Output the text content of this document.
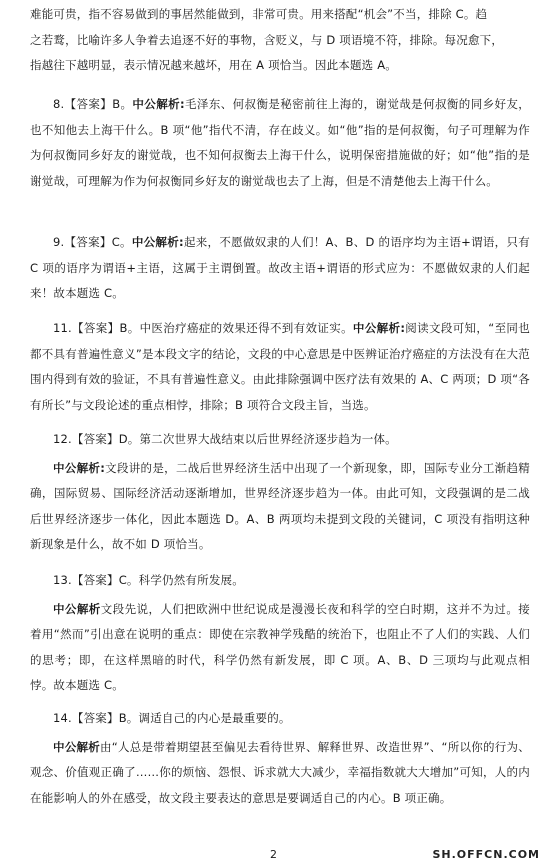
难能可贵，指不容易做到的事居然能做到，非常可贵。用来搭配“机会”不当，排除 C。趋

之若鹜，比喻许多人争着去追逐不好的事物，含贬义，与 D 项语境不符，排除。每况愈下，

指越往下越明显，表示情况越来越坏，用在 A 项恰当。因此本题选 A。

8.【答案】B。中公解析:毛泽东、何叔衡是秘密前往上海的，谢觉哉是何叔衡的同乡好友，也不知他去上海干什么。B 项“他”指代不清，存在歧义。如“他”指的是何叔衡，句子可理解为作为何叔衡同乡好友的谢觉哉，也不知何叔衡去上海干什么，说明保密措施做的好；如“他”指的是谢觉哉，可理解为作为何叔衡同乡好友的谢觉哉也去了上海，但是不清楚他去上海干什么。

9.【答案】C。中公解析:起来，不愿做奴隶的人们！A、B、D 的语序均为主语+谓语，只有 C 项的语序为谓语+主语，这属于主谓倒置。故改主语+谓语的形式应为：不愿做奴隶的人们起来！故本题选 C。

11.【答案】B。中医治疗癌症的效果还得不到有效证实。中公解析:阅读文段可知，“至同也都不具有普遍性意义”是本段文字的结论，文段的中心意思是中医辨证治疗癌症的方法没有在大范围内得到有效的验证，不具有普遍性意义。由此排除强调中医疗法有效果的 A、C 两项；D 项“各有所长”与文段论述的重点相悖，排除；B 项符合文段主旨，当选。

12.【答案】D。第二次世界大战结束以后世界经济逐步趋为一体。

中公解析:文段讲的是，二战后世界经济生活中出现了一个新现象，即，国际专业分工渐趋精确，国际贸易、国际经济活动逐渐增加，世界经济逐步趋为一体。由此可知，文段强调的是二战后世界经济逐步一体化，因此本题选 D。A、B 两项均未提到文段的关键词，C 项没有指明这种新现象是什么，故不如 D 项恰当。

13.【答案】C。科学仍然有所发展。

中公解析文段先说，人们把欧洲中世纪说成是漫漫长夜和科学的空白时期，这并不为过。接着用“然而”引出意在说明的重点：即使在宗教神学残酷的统治下，也阻止不了人们的实践、人们的思考；即，在这样黑暗的时代，科学仍然有新发展，即 C 项。A、B、D 三项均与此观点相悖。故本题选 C。

14.【答案】B。调适自己的内心是最重要的。

中公解析由“人总是带着期望甚至偏见去看待世界、解释世界、改造世界”、“所以你的行为、观念、价值观正确了……你的烦恼、怨恨、诉求就大大减少，幸福指数就大大增加”可知，人的内在能影响人的外在感受，故文段主要表达的意思是要调适自己的内心。B 项正确。

2	SH.OFFCN.COM
